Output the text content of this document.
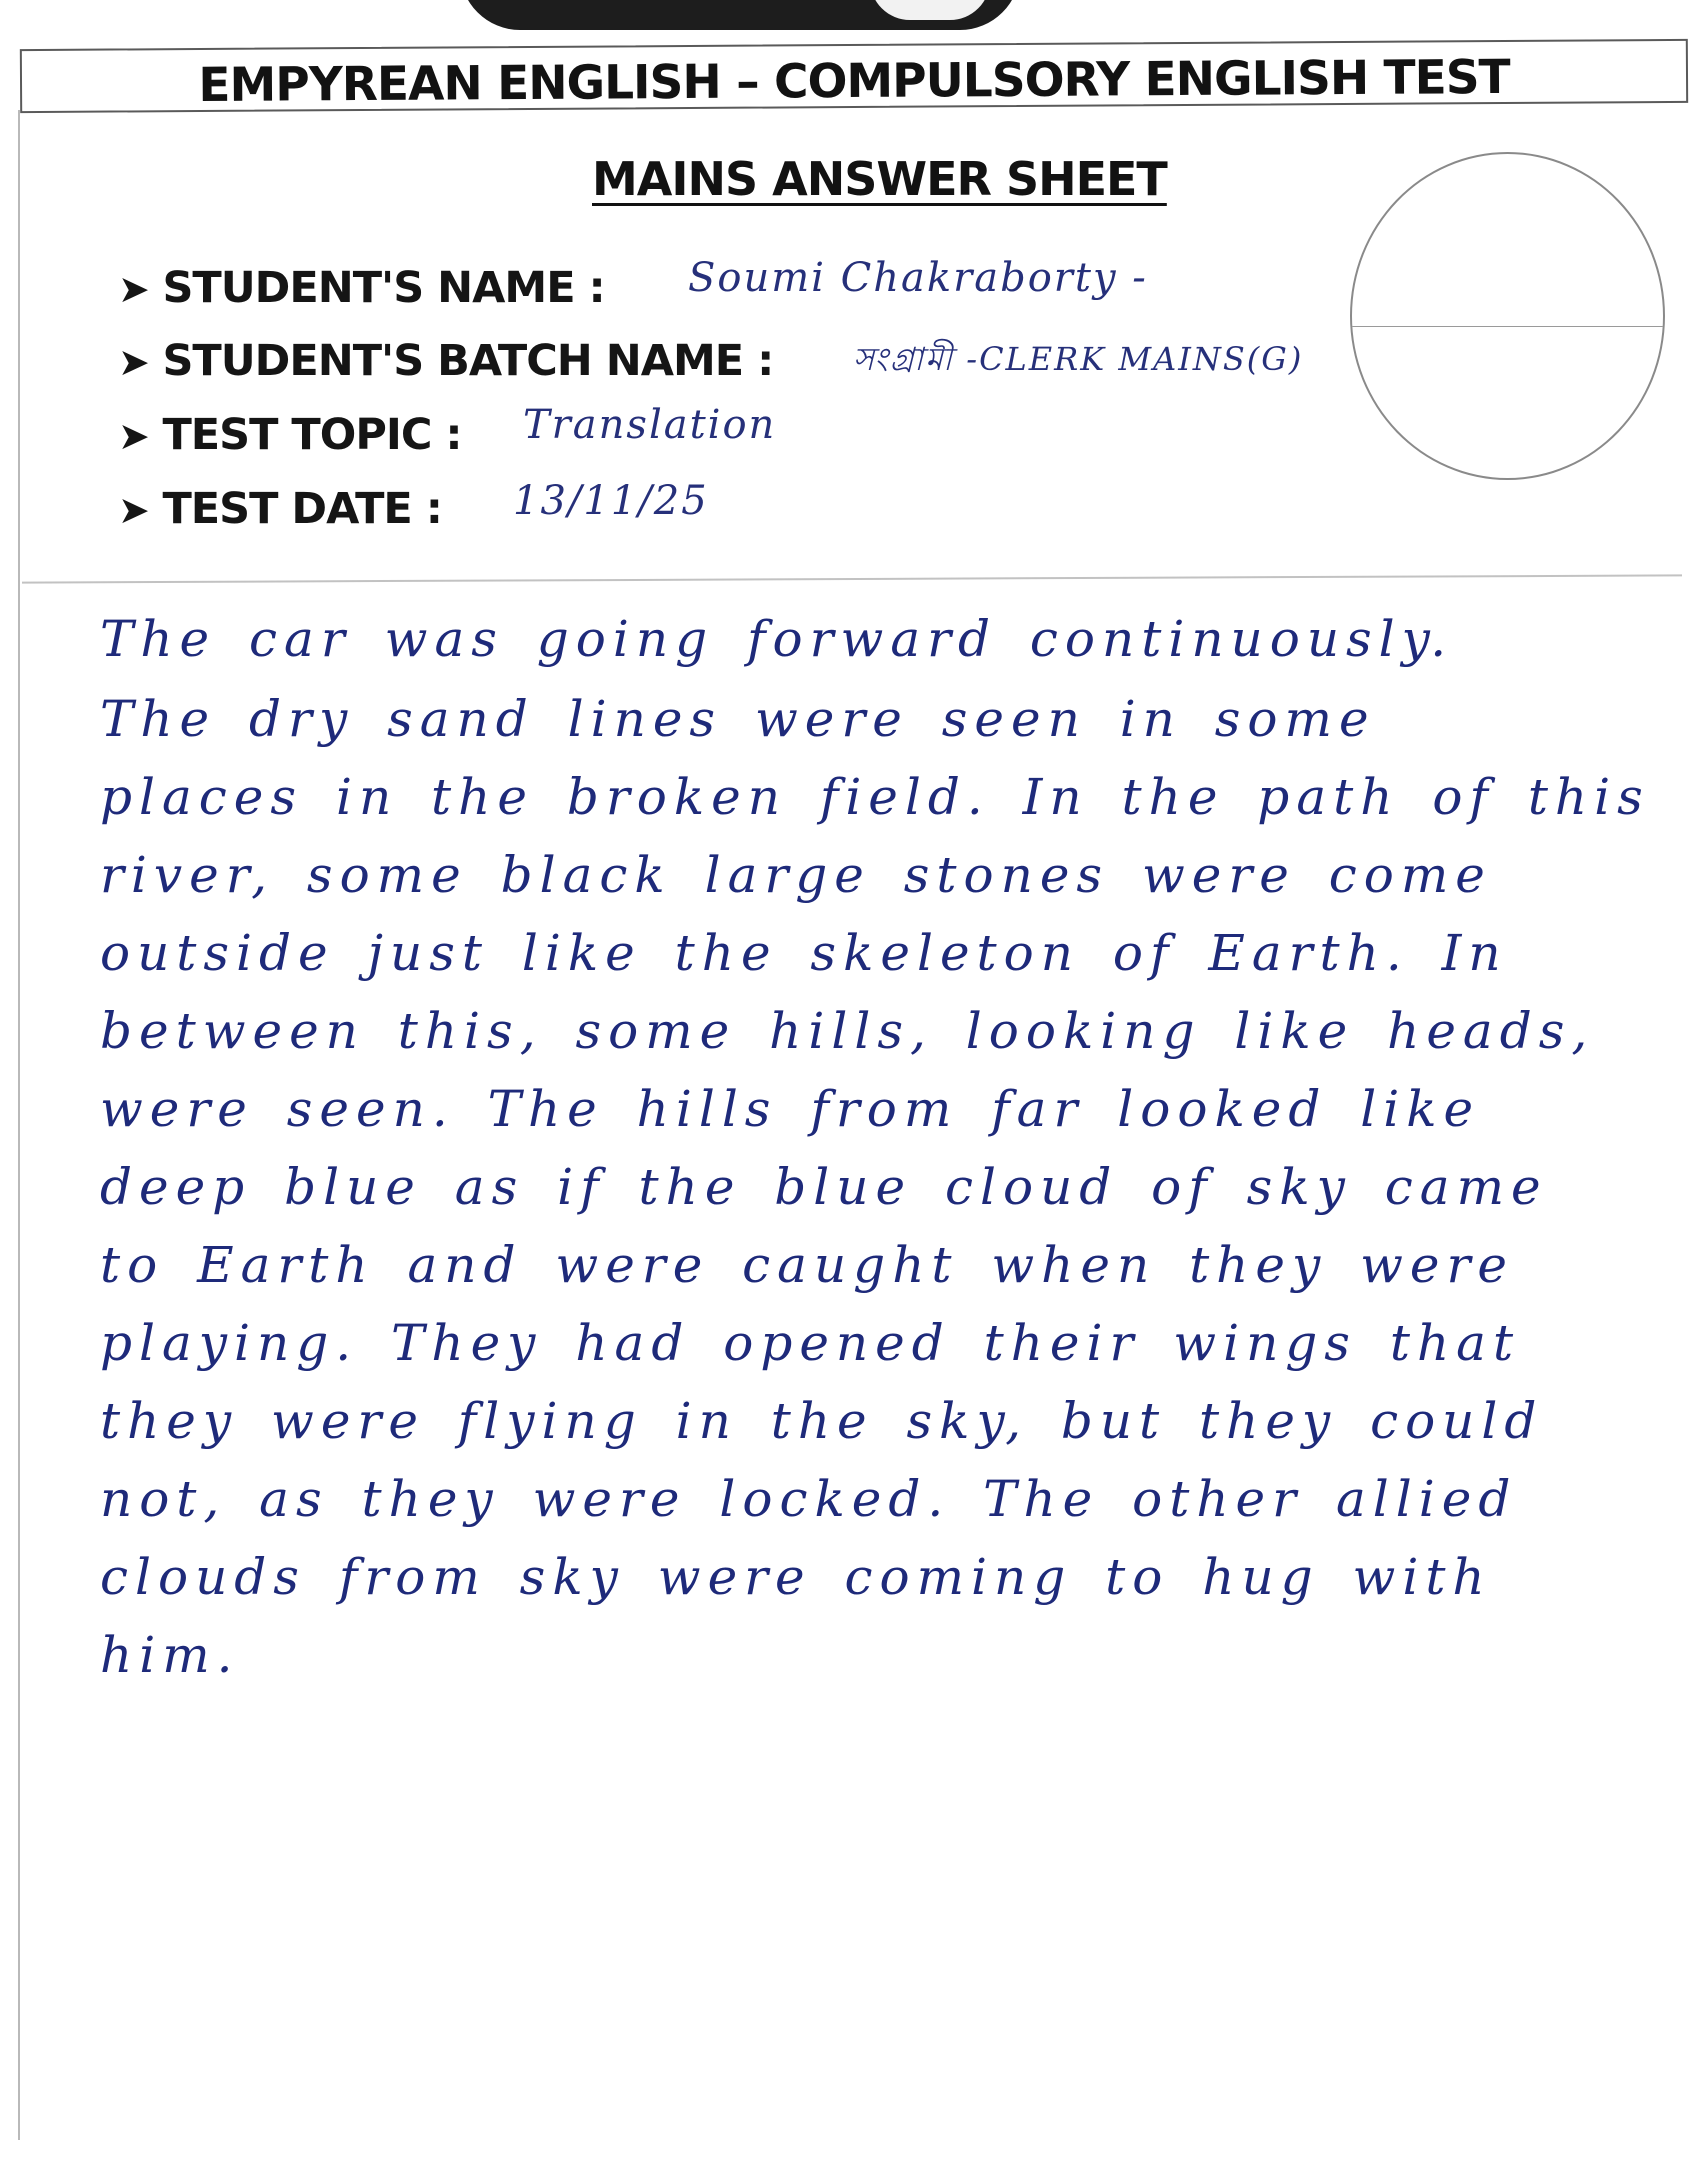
EMPYREAN ENGLISH – COMPULSORY ENGLISH TEST
MAINS ANSWER SHEET
➤ STUDENT'S NAME : Soumi Chakraborty -
➤ STUDENT'S BATCH NAME : সংগ্রামী -CLERK MAINS(G)
➤ TEST TOPIC : Translation
➤ TEST DATE : 13/11/25
The car was going forward continuously.
The dry sand lines were seen in some
places in the broken field. In the path of this
river, some black large stones were come
outside just like the skeleton of Earth. In
between this, some hills, looking like heads,
were seen. The hills from far looked like
deep blue as if the blue cloud of sky came
to Earth and were caught when they were
playing. They had opened their wings that
they were flying in the sky, but they could
not, as they were locked. The other allied
clouds from sky were coming to hug with
him.
